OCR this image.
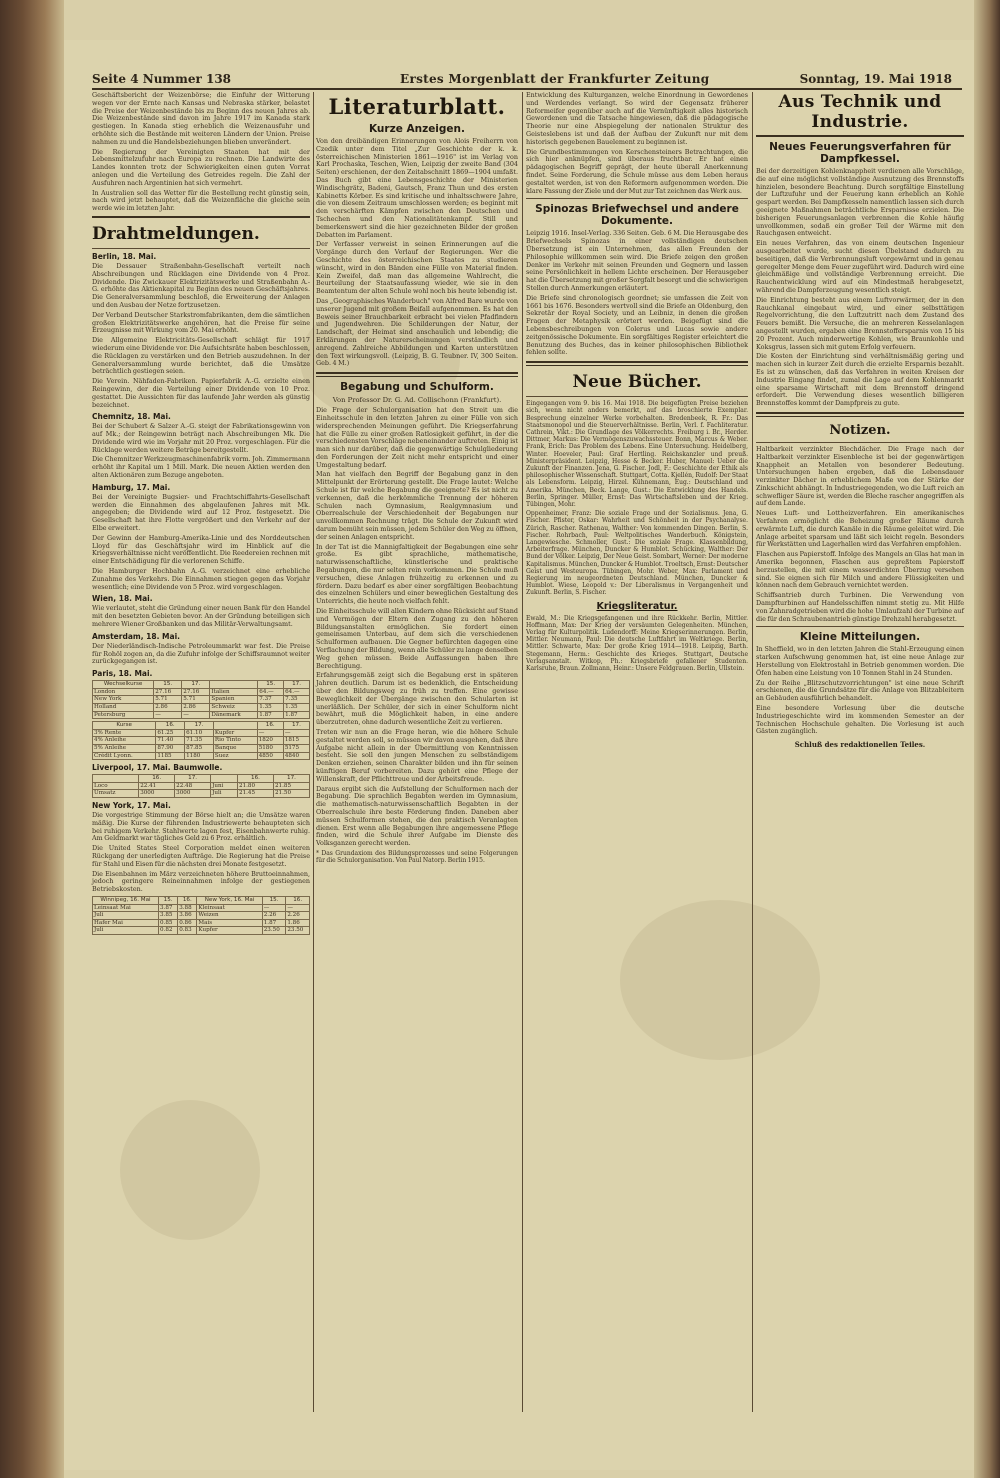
Seite 4 Nummer 138	Erstes Morgenblatt der Frankfurter Zeitung	Sonntag, 19. Mai 1918

Geschäftsbericht der Weizenbörse; die Einfuhr der Witterung wegen vor der Ernte nach Kansas und Nebraska stärker, belastet die Preise der Weizenbestände bis zu Beginn des neuen Jahres ab. Die Weizenbestände sind davon im Jahre 1917 im Kanada stark gestiegen. In Kanada stieg erheblich die Weizenausfuhr und erhöhte sich die Bestände mit weiteren Ländern der Union. Preise nahmen zu und die Handelsbeziehungen blieben unverändert.

Die Regierung der Vereinigten Staaten hat mit der Lebensmittelzufuhr nach Europa zu rechnen. Die Landwirte des Landes konnten trotz der Schwierigkeiten einen guten Vorrat anlegen und die Verteilung des Getreides regeln. Die Zahl der Ausfuhren nach Argentinien hat sich vermehrt.

In Australien soll das Wetter für die Bestellung recht günstig sein, nach wird jetzt behauptet, daß die Weizenfläche die gleiche sein werde wie im letzten Jahr.

Drahtmeldungen.
Berlin, 18. Mai.

Die Dessauer Straßenbahn-Gesellschaft verteilt nach Abschreibungen und Rücklagen eine Dividende von 4 Proz. Dividende. Die Zwickauer Elektrizitätswerke und Straßenbahn A.-G. erhöhte das Aktienkapital zu Beginn des neuen Geschäftsjahres. Die Generalversammlung beschloß, die Erweiterung der Anlagen und den Ausbau der Netze fortzusetzen.

Der Verband Deutscher Starkstromfabrikanten, dem die sämtlichen großen Elektrizitätswerke angehören, hat die Preise für seine Erzeugnisse mit Wirkung vom 20. Mai erhöht.

Die Allgemeine Elektricitäts-Gesellschaft schlägt für 1917 wiederum eine Dividende vor. Die Aufsichtsräte haben beschlossen, die Rücklagen zu verstärken und den Betrieb auszudehnen. In der Generalversammlung wurde berichtet, daß die Umsätze beträchtlich gestiegen seien.

Die Verein. Nähfaden-Fabriken. Papierfabrik A.-G. erzielte einen Reingewinn, der die Verteilung einer Dividende von 10 Proz. gestattet. Die Aussichten für das laufende Jahr werden als günstig bezeichnet.

Chemnitz, 18. Mai.

Bei der Schubert & Salzer A.-G. steigt der Fabrikationsgewinn von auf Mk.; der Reingewinn beträgt nach Abschreibungen Mk. Die Dividende wird wie im Vorjahr mit 20 Proz. vorgeschlagen. Für die Rücklage werden weitere Beträge bereitgestellt.

Die Chemnitzer Werkzeugmaschinenfabrik vorm. Joh. Zimmermann erhöht ihr Kapital um 1 Mill. Mark. Die neuen Aktien werden den alten Aktionären zum Bezuge angeboten.

Hamburg, 17. Mai.

Bei der Vereinigte Bugsier- und Frachtschiffahrts-Gesellschaft werden die Einnahmen des abgelaufenen Jahres mit Mk. angegeben; die Dividende wird auf 12 Proz. festgesetzt. Die Gesellschaft hat ihre Flotte vergrößert und den Verkehr auf der Elbe erweitert.

Der Gewinn der Hamburg-Amerika-Linie und des Norddeutschen Lloyd für das Geschäftsjahr wird im Hinblick auf die Kriegsverhältnisse nicht veröffentlicht. Die Reedereien rechnen mit einer Entschädigung für die verlorenen Schiffe.

Die Hamburger Hochbahn A.-G. verzeichnet eine erhebliche Zunahme des Verkehrs. Die Einnahmen stiegen gegen das Vorjahr wesentlich; eine Dividende von 5 Proz. wird vorgeschlagen.

Wien, 18. Mai.

Wie verlautet, steht die Gründung einer neuen Bank für den Handel mit den besetzten Gebieten bevor. An der Gründung beteiligen sich mehrere Wiener Großbanken und das Militär-Verwaltungsamt.

Amsterdam, 18. Mai.

Der Niederländisch-Indische Petroleummarkt war fest. Die Preise für Rohöl zogen an, da die Zufuhr infolge der Schiffsraumnot weiter zurückgegangen ist.

Paris, 18. Mai.
Wechselkurse	15.	17.		15.	17.
London	27.16	27.16	Italien	64.—	64.—
New York	5.71	5.71	Spanien	7.37	7.35
Holland	2.86	2.86	Schweiz	1.35	1.35
Petersburg	—	—	Dänemark	1.87	1.87
Kurse	16.	17.		16.	17.
3% Rente	61.25	61.10	Kupfer	—	—
4% Anleihe	71.40	71.35	Rio Tinto	1820	1815
5% Anleihe	87.90	87.85	Banque	5180	5175
Crédit Lyonn.	1185	1180	Suez	4850	4840
Liverpool, 17. Mai. Baumwolle.
	16.	17.		16.	17.
Loco	22.41	22.48	Juni	21.80	21.85
Umsatz	3000	3000	Juli	21.45	21.50
New York, 17. Mai.

Die vorgestrige Stimmung der Börse hielt an; die Umsätze waren mäßig. Die Kurse der führenden Industriewerte behaupteten sich bei ruhigem Verkehr. Stahlwerte lagen fest, Eisenbahnwerte ruhig. Am Geldmarkt war tägliches Geld zu 6 Proz. erhältlich.

Die United States Steel Corporation meldet einen weiteren Rückgang der unerledigten Aufträge. Die Regierung hat die Preise für Stahl und Eisen für die nächsten drei Monate festgesetzt.

Die Eisenbahnen im März verzeichneten höhere Bruttoeinnahmen, jedoch geringere Reineinnahmen infolge der gestiegenen Betriebskosten.

Winnipeg, 16. Mai	15.	16.	New York, 16. Mai	15.	16.
Leinsaat Mai	3.87	3.88	Kleinsaat	—	—
Juli	3.85	3.86	Weizen	2.26	2.26
Hafer Mai	0.85	0.86	Mais	1.87	1.86
Juli	0.82	0.83	Kupfer	23.50	23.50
Literaturblatt.
Kurze Anzeigen.

Von den dreibändigen Erinnerungen von Alois Freiherrn von Czedik unter dem Titel „Zur Geschichte der k. k. österreichischen Ministerien 1861—1916" ist im Verlag von Karl Prochaska, Teschen, Wien, Leipzig der zweite Band (304 Seiten) erschienen, der den Zeitabschnitt 1869—1904 umfaßt. Das Buch gibt eine Lebensgeschichte der Ministerien Windischgrätz, Badeni, Gautsch, Franz Thun und des ersten Kabinetts Körber. Es sind kritische und inhaltsschwere Jahre, die von diesem Zeitraum umschlossen werden; es beginnt mit den verschärften Kämpfen zwischen den Deutschen und Tschechen und den Nationalitätenkampf. Still und bemerkenswert sind die hier gezeichneten Bilder der großen Debatten im Parlament.

Der Verfasser verweist in seinen Erinnerungen auf die Vorgänge durch den Verlauf der Regierungen. Wer die Geschichte des österreichischen Staates zu studieren wünscht, wird in den Bänden eine Fülle von Material finden. Kein Zweifel, daß man das allgemeine Wahlrecht, die Beurteilung der Staatsaufassung wieder, wie sie in den Beamtentum der alten Schule wohl noch bis heute lebendig ist.

Das „Geographisches Wanderbuch" von Alfred Bare wurde von unserer Jugend mit großem Beifall aufgenommen. Es hat den Beweis seiner Brauchbarkeit erbracht bei vielen Pfadfindern und Jugendwehren. Die Schilderungen der Natur, der Landschaft, der Heimat sind anschaulich und lebendig; die Erklärungen der Naturerscheinungen verständlich und anregend. Zahlreiche Abbildungen und Karten unterstützen den Text wirkungsvoll. (Leipzig, B. G. Teubner. IV, 300 Seiten. Geb. 4 M.)

Begabung und Schulform.
Von Professor Dr. G. Ad. Collischonn (Frankfurt).

Die Frage der Schulorganisation hat den Streit um die Einheitsschule in den letzten Jahren zu einer Fülle von sich widersprechenden Meinungen geführt. Die Kriegserfahrung hat die Fülle zu einer großen Ratlosigkeit geführt, in der die verschiedensten Vorschläge nebeneinander auftreten. Einig ist man sich nur darüber, daß die gegenwärtige Schulgliederung den Forderungen der Zeit nicht mehr entspricht und einer Umgestaltung bedarf.

Man hat vielfach den Begriff der Begabung ganz in den Mittelpunkt der Erörterung gestellt. Die Frage lautet: Welche Schule ist für welche Begabung die geeignete? Es ist nicht zu verkennen, daß die herkömmliche Trennung der höheren Schulen nach Gymnasium, Realgymnasium und Oberrealschule der Verschiedenheit der Begabungen nur unvollkommen Rechnung trägt. Die Schule der Zukunft wird darum bemüht sein müssen, jedem Schüler den Weg zu öffnen, der seinen Anlagen entspricht.

In der Tat ist die Mannigfaltigkeit der Begabungen eine sehr große. Es gibt sprachliche, mathematische, naturwissenschaftliche, künstlerische und praktische Begabungen, die nur selten rein vorkommen. Die Schule muß versuchen, diese Anlagen frühzeitig zu erkennen und zu fördern. Dazu bedarf es aber einer sorgfältigen Beobachtung des einzelnen Schülers und einer beweglichen Gestaltung des Unterrichts, die heute noch vielfach fehlt.

Die Einheitsschule will allen Kindern ohne Rücksicht auf Stand und Vermögen der Eltern den Zugang zu den höheren Bildungsanstalten ermöglichen. Sie fordert einen gemeinsamen Unterbau, auf dem sich die verschiedenen Schulformen aufbauen. Die Gegner befürchten dagegen eine Verflachung der Bildung, wenn alle Schüler zu lange denselben Weg gehen müssen. Beide Auffassungen haben ihre Berechtigung.

Erfahrungsgemäß zeigt sich die Begabung erst in späteren Jahren deutlich. Darum ist es bedenklich, die Entscheidung über den Bildungsweg zu früh zu treffen. Eine gewisse Beweglichkeit der Übergänge zwischen den Schularten ist unerläßlich. Der Schüler, der sich in einer Schulform nicht bewährt, muß die Möglichkeit haben, in eine andere überzutreten, ohne dadurch wesentliche Zeit zu verlieren.

Treten wir nun an die Frage heran, wie die höhere Schule gestaltet werden soll, so müssen wir davon ausgehen, daß ihre Aufgabe nicht allein in der Übermittlung von Kenntnissen besteht. Sie soll den jungen Menschen zu selbständigem Denken erziehen, seinen Charakter bilden und ihn für seinen künftigen Beruf vorbereiten. Dazu gehört eine Pflege der Willenskraft, der Pflichttreue und der Arbeitsfreude.

Daraus ergibt sich die Aufstellung der Schulformen nach der Begabung. Die sprachlich Begabten werden im Gymnasium, die mathematisch-naturwissenschaftlich Begabten in der Oberrealschule ihre beste Förderung finden. Daneben aber müssen Schulformen stehen, die den praktisch Veranlagten dienen. Erst wenn alle Begabungen ihre angemessene Pflege finden, wird die Schule ihrer Aufgabe im Dienste des Volksganzen gerecht werden.

* Das Grundaxiom des Bildungsprozesses und seine Folgerungen für die Schulorganisation. Von Paul Natorp. Berlin 1915.

Entwicklung des Kulturganzen, welche Einordnung in Gewordenes und Werdendes verlangt. So wird der Gegensatz früherer Reformeifer gegenüber auch auf die Vernünftigkeit alles historisch Gewordenen und die Tatsache hingewiesen, daß die pädagogische Theorie nur eine Abspiegelung der nationalen Struktur des Geisteslebens ist und daß der Aufbau der Zukunft nur mit dem historisch gegebenen Bauelement zu beginnen ist.

Die Grundbestimmungen von Kerschensteiners Betrachtungen, die sich hier anknüpfen, sind überaus fruchtbar. Er hat einen pädagogischen Begriff geprägt, der heute überall Anerkennung findet. Seine Forderung, die Schule müsse aus dem Leben heraus gestaltet werden, ist von den Reformern aufgenommen worden. Die klare Fassung der Ziele und der Mut zur Tat zeichnen das Werk aus.

Spinozas Briefwechsel und andere Dokumente.

Leipzig 1916. Insel-Verlag. 336 Seiten. Geb. 6 M. Die Herausgabe des Briefwechsels Spinozas in einer vollständigen deutschen Übersetzung ist ein Unternehmen, das allen Freunden der Philosophie willkommen sein wird. Die Briefe zeigen den großen Denker im Verkehr mit seinen Freunden und Gegnern und lassen seine Persönlichkeit in hellem Lichte erscheinen. Der Herausgeber hat die Übersetzung mit großer Sorgfalt besorgt und die schwierigen Stellen durch Anmerkungen erläutert.

Die Briefe sind chronologisch geordnet; sie umfassen die Zeit von 1661 bis 1676. Besonders wertvoll sind die Briefe an Oldenburg, den Sekretär der Royal Society, und an Leibniz, in denen die großen Fragen der Metaphysik erörtert werden. Beigefügt sind die Lebensbeschreibungen von Colerus und Lucas sowie andere zeitgenössische Dokumente. Ein sorgfältiges Register erleichtert die Benutzung des Buches, das in keiner philosophischen Bibliothek fehlen sollte.

Neue Bücher.

Eingegangen vom 9. bis 16. Mai 1918. Die beigefügten Preise beziehen sich, wenn nicht anders bemerkt, auf das broschierte Exemplar. Besprechung einzelner Werke vorbehalten. Bredenbeek, R. Fr.: Das Staatsmonopol und die Steuerverhältnisse. Berlin, Verl. f. Fachliteratur. Cathrein, Vikt.: Die Grundlage des Völkerrechts. Freiburg i. Br., Herder. Dittmer, Markus: Die Vermögenszuwachssteuer. Bonn, Marcus & Weber. Frank, Erich: Das Problem des Lebens. Eine Untersuchung. Heidelberg, Winter. Hoeveler, Paul: Graf Hertling. Reichskanzler und preuß. Ministerpräsident. Leipzig, Hesse & Becker. Huber, Manuel: Ueber die Zukunft der Finanzen. Jena, G. Fischer. Jodl, F.: Geschichte der Ethik als philosophischer Wissenschaft. Stuttgart, Cotta. Kjellén, Rudolf: Der Staat als Lebensform. Leipzig, Hirzel. Kühnemann, Eug.: Deutschland und Amerika. München, Beck. Lange, Gust.: Die Entwicklung des Handels. Berlin, Springer. Müller, Ernst: Das Wirtschaftsleben und der Krieg. Tübingen, Mohr.

Oppenheimer, Franz: Die soziale Frage und der Sozialismus. Jena, G. Fischer. Pfister, Oskar: Wahrheit und Schönheit in der Psychanalyse. Zürich, Rascher. Rathenau, Walther: Von kommenden Dingen. Berlin, S. Fischer. Rohrbach, Paul: Weltpolitisches Wanderbuch. Königstein, Langewiesche. Schmoller, Gust.: Die soziale Frage. Klassenbildung, Arbeiterfrage. München, Duncker & Humblot. Schücking, Walther: Der Bund der Völker. Leipzig, Der Neue Geist. Sombart, Werner: Der moderne Kapitalismus. München, Duncker & Humblot. Troeltsch, Ernst: Deutscher Geist und Westeuropa. Tübingen, Mohr. Weber, Max: Parlament und Regierung im neugeordneten Deutschland. München, Duncker & Humblot. Wiese, Leopold v.: Der Liberalismus in Vergangenheit und Zukunft. Berlin, S. Fischer.

Kriegsliteratur.

Ewald, M.: Die Kriegsgefangenen und ihre Rückkehr. Berlin, Mittler. Hoffmann, Max: Der Krieg der versäumten Gelegenheiten. München, Verlag für Kulturpolitik. Ludendorff: Meine Kriegserinnerungen. Berlin, Mittler. Neumann, Paul: Die deutsche Luftfahrt im Weltkriege. Berlin, Mittler. Schwarte, Max: Der große Krieg 1914—1918. Leipzig, Barth. Stegemann, Herm.: Geschichte des Krieges. Stuttgart, Deutsche Verlagsanstalt. Witkop, Ph.: Kriegsbriefe gefallener Studenten. Karlsruhe, Braun. Zollmann, Heinr.: Unsere Feldgrauen. Berlin, Ullstein.

Aus Technik und Industrie.
Neues Feuerungsverfahren für Dampfkessel.

Bei der derzeitigen Kohlenknappheit verdienen alle Vorschläge, die auf eine möglichst vollständige Ausnutzung des Brennstoffs hinzielen, besondere Beachtung. Durch sorgfältige Einstellung der Luftzufuhr und der Feuerung kann erheblich an Kohle gespart werden. Bei Dampfkesseln namentlich lassen sich durch geeignete Maßnahmen beträchtliche Ersparnisse erzielen. Die bisherigen Feuerungsanlagen verbrennen die Kohle häufig unvollkommen, sodaß ein großer Teil der Wärme mit den Rauchgasen entweicht.

Ein neues Verfahren, das von einem deutschen Ingenieur ausgearbeitet wurde, sucht diesen Übelstand dadurch zu beseitigen, daß die Verbrennungsluft vorgewärmt und in genau geregelter Menge dem Feuer zugeführt wird. Dadurch wird eine gleichmäßige und vollständige Verbrennung erreicht. Die Rauchentwicklung wird auf ein Mindestmaß herabgesetzt, während die Dampferzeugung wesentlich steigt.

Die Einrichtung besteht aus einem Luftvorwärmer, der in den Rauchkanal eingebaut wird, und einer selbsttätigen Regelvorrichtung, die den Luftzutritt nach dem Zustand des Feuers bemißt. Die Versuche, die an mehreren Kesselanlagen angestellt wurden, ergaben eine Brennstoffersparnis von 15 bis 20 Prozent. Auch minderwertige Kohlen, wie Braunkohle und Koksgrus, lassen sich mit gutem Erfolg verfeuern.

Die Kosten der Einrichtung sind verhältnismäßig gering und machen sich in kurzer Zeit durch die erzielte Ersparnis bezahlt. Es ist zu wünschen, daß das Verfahren in weiten Kreisen der Industrie Eingang findet, zumal die Lage auf dem Kohlenmarkt eine sparsame Wirtschaft mit dem Brennstoff dringend erfordert. Die Verwendung dieses wesentlich billigeren Brennstoffes kommt der Dampfpreis zu gute.

Notizen.

Haltbarkeit verzinkter Blechdächer. Die Frage nach der Haltbarkeit verzinkter Eisenbleche ist bei der gegenwärtigen Knappheit an Metallen von besonderer Bedeutung. Untersuchungen haben ergeben, daß die Lebensdauer verzinkter Dächer in erheblichem Maße von der Stärke der Zinkschicht abhängt. In Industriegegenden, wo die Luft reich an schwefliger Säure ist, werden die Bleche rascher angegriffen als auf dem Lande.

Neues Luft- und Lottheizverfahren. Ein amerikanisches Verfahren ermöglicht die Beheizung großer Räume durch erwärmte Luft, die durch Kanäle in die Räume geleitet wird. Die Anlage arbeitet sparsam und läßt sich leicht regeln. Besonders für Werkstätten und Lagerhallen wird das Verfahren empfohlen.

Flaschen aus Papierstoff. Infolge des Mangels an Glas hat man in Amerika begonnen, Flaschen aus gepreßtem Papierstoff herzustellen, die mit einem wasserdichten Überzug versehen sind. Sie eignen sich für Milch und andere Flüssigkeiten und können nach dem Gebrauch vernichtet werden.

Schiffsantrieb durch Turbinen. Die Verwendung von Dampfturbinen auf Handelsschiffen nimmt stetig zu. Mit Hilfe von Zahnradgetrieben wird die hohe Umlaufzahl der Turbine auf die für den Schraubenantrieb günstige Drehzahl herabgesetzt.

Kleine Mitteilungen.

In Sheffield, wo in den letzten Jahren die Stahl-Erzeugung einen starken Aufschwung genommen hat, ist eine neue Anlage zur Herstellung von Elektrostahl in Betrieb genommen worden. Die Öfen haben eine Leistung von 10 Tonnen Stahl in 24 Stunden.

Zu der Reihe „Blitzschutzvorrichtungen" ist eine neue Schrift erschienen, die die Grundsätze für die Anlage von Blitzableitern an Gebäuden ausführlich behandelt.

Eine besondere Vorlesung über die deutsche Industriegeschichte wird im kommenden Semester an der Technischen Hochschule gehalten. Die Vorlesung ist auch Gästen zugänglich.

Schluß des redaktionellen Teiles.
